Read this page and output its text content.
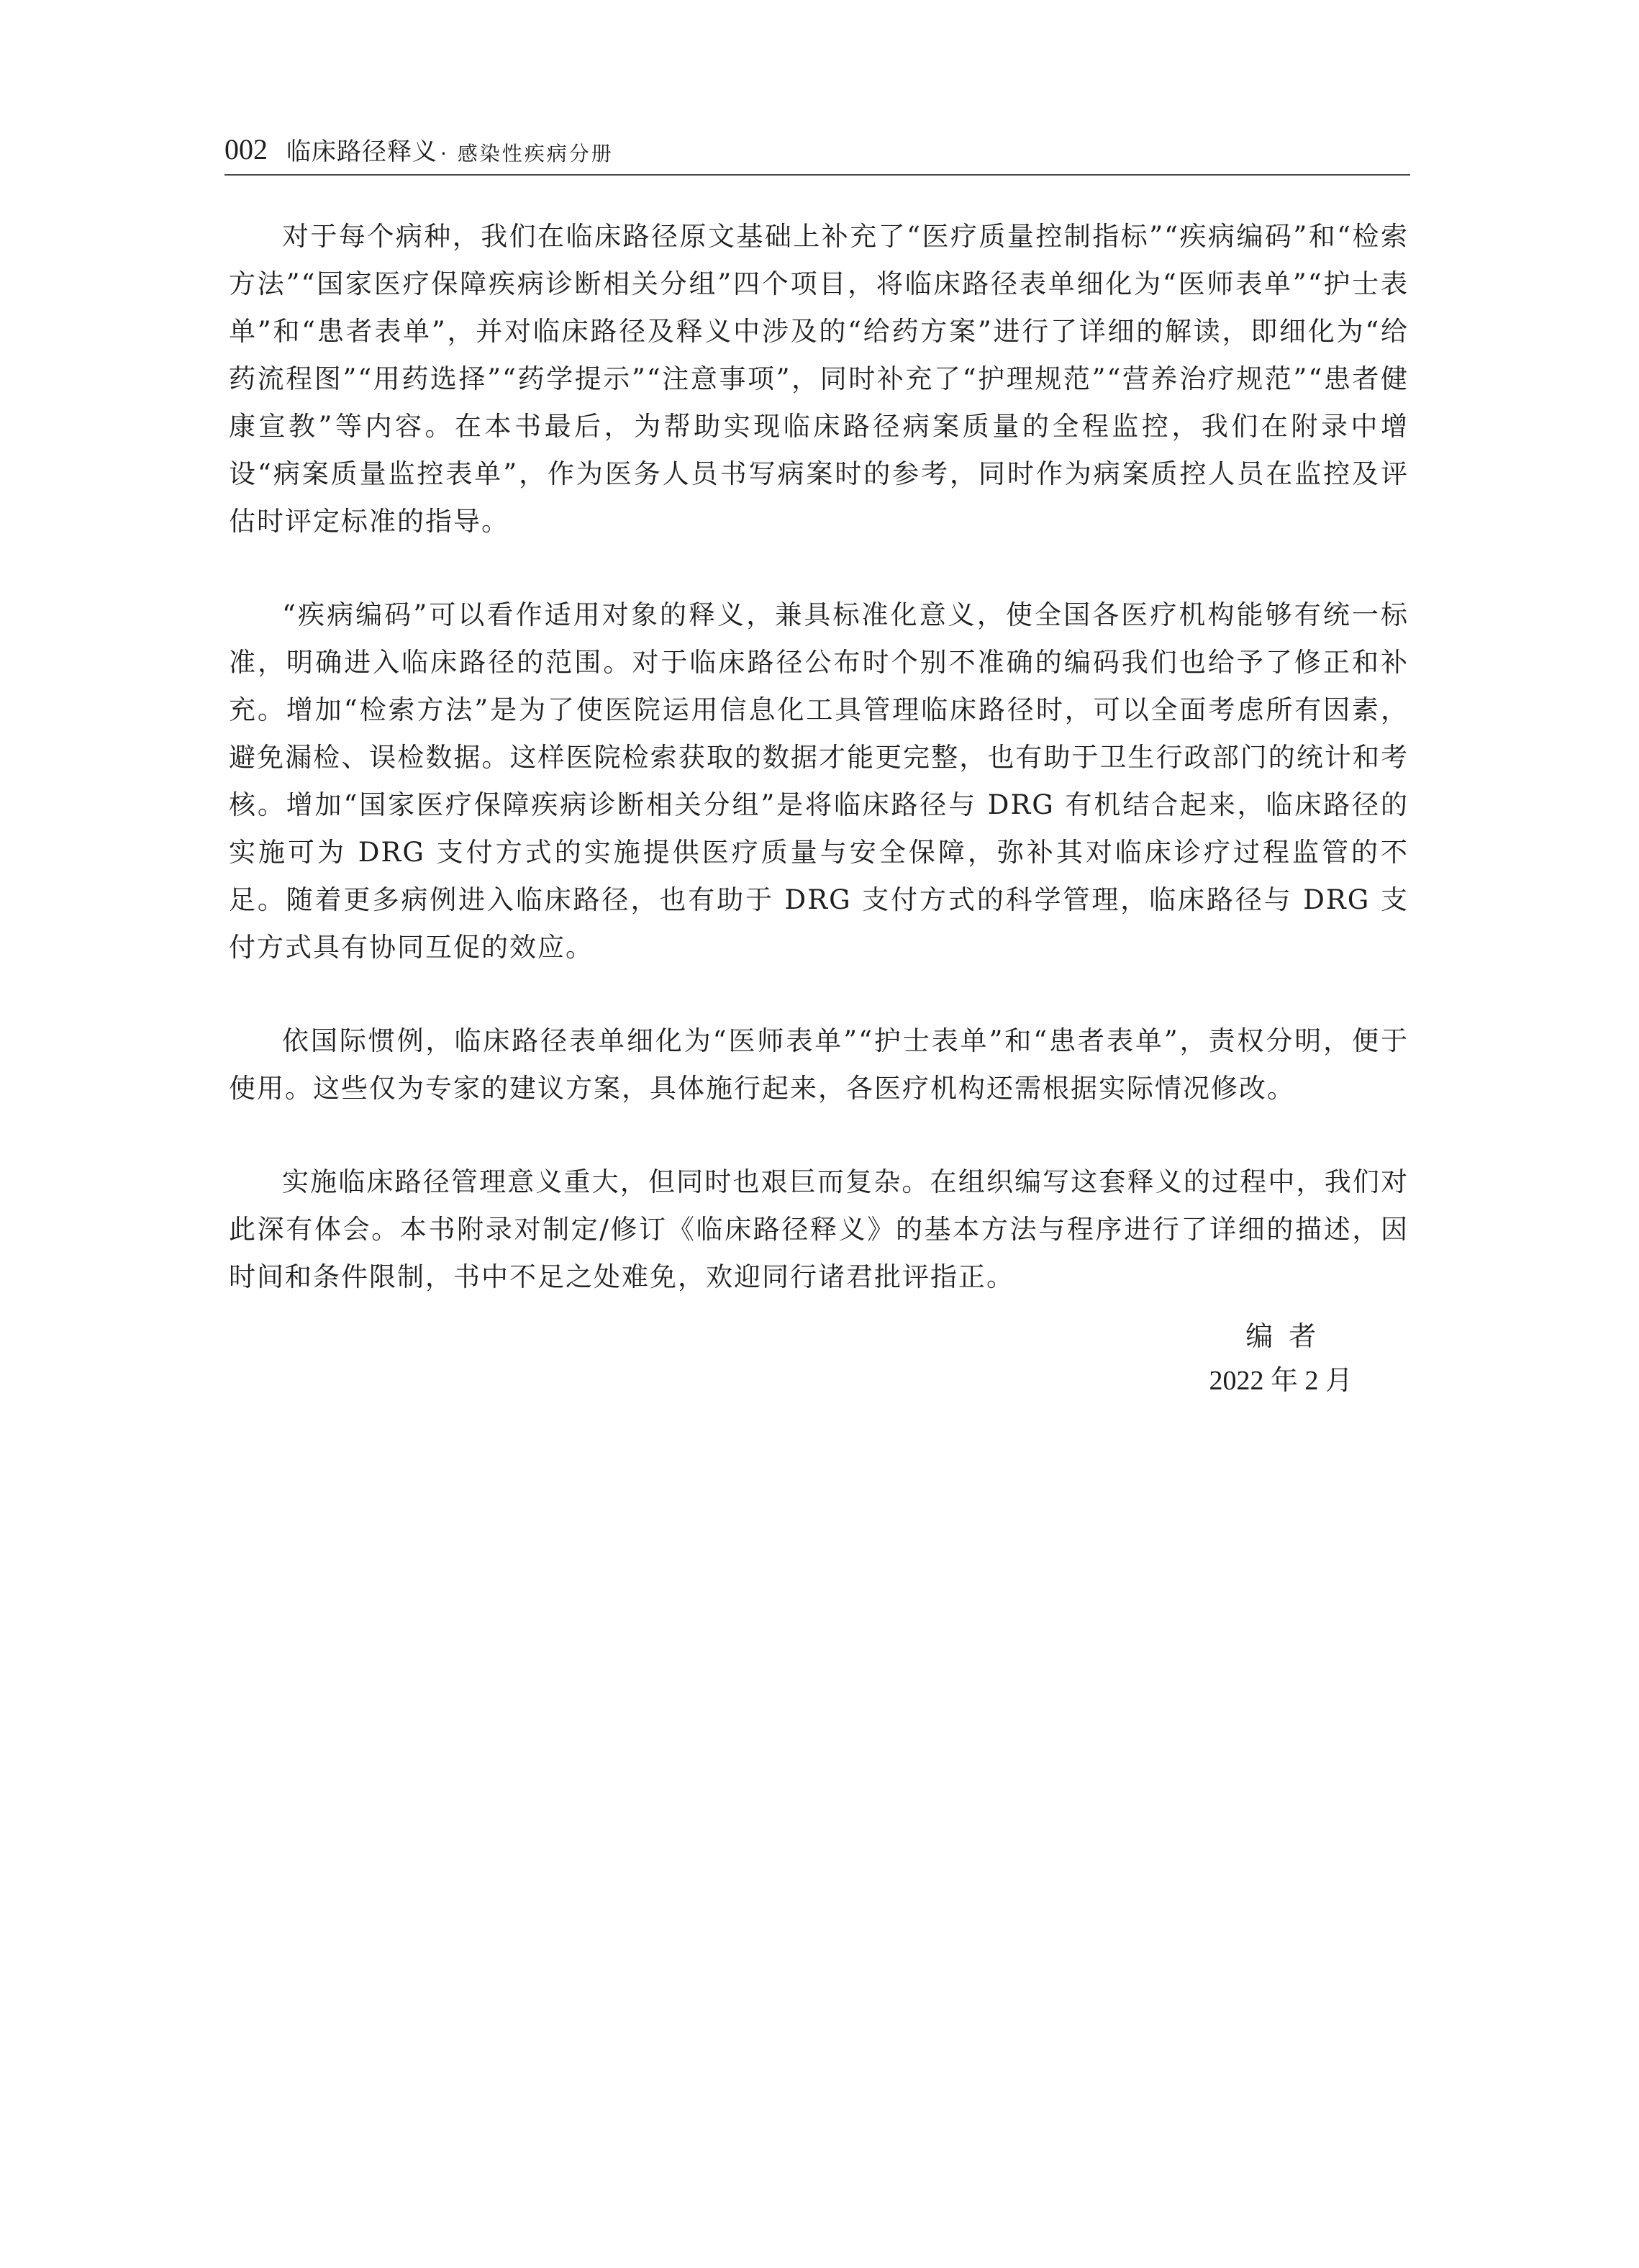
002 临床路径释义 · 感染性疾病分册

对于每个病种，我们在临床路径原文基础上补充了“医疗质量控制指标”“疾病编码”和“检索方法”“国家医疗保障疾病诊断相关分组”四个项目，将临床路径表单细化为“医师表单”“护士表单”和“患者表单”，并对临床路径及释义中涉及的“给药方案”进行了详细的解读，即细化为“给药流程图”“用药选择”“药学提示”“注意事项”，同时补充了“护理规范”“营养治疗规范”“患者健康宣教”等内容。在本书最后，为帮助实现临床路径病案质量的全程监控，我们在附录中增设“病案质量监控表单”，作为医务人员书写病案时的参考，同时作为病案质控人员在监控及评估时评定标准的指导。

“疾病编码”可以看作适用对象的释义，兼具标准化意义，使全国各医疗机构能够有统一标准，明确进入临床路径的范围。对于临床路径公布时个别不准确的编码我们也给予了修正和补充。增加“检索方法”是为了使医院运用信息化工具管理临床路径时，可以全面考虑所有因素，避免漏检、误检数据。这样医院检索获取的数据才能更完整，也有助于卫生行政部门的统计和考核。增加“国家医疗保障疾病诊断相关分组”是将临床路径与 DRG 有机结合起来，临床路径的实施可为 DRG 支付方式的实施提供医疗质量与安全保障，弥补其对临床诊疗过程监管的不足。随着更多病例进入临床路径，也有助于 DRG 支付方式的科学管理，临床路径与 DRG 支付方式具有协同互促的效应。

依国际惯例，临床路径表单细化为“医师表单”“护士表单”和“患者表单”，责权分明，便于使用。这些仅为专家的建议方案，具体施行起来，各医疗机构还需根据实际情况修改。

实施临床路径管理意义重大，但同时也艰巨而复杂。在组织编写这套释义的过程中，我们对此深有体会。本书附录对制定/修订《临床路径释义》的基本方法与程序进行了详细的描述，因时间和条件限制，书中不足之处难免，欢迎同行诸君批评指正。

编者
2022 年 2 月
